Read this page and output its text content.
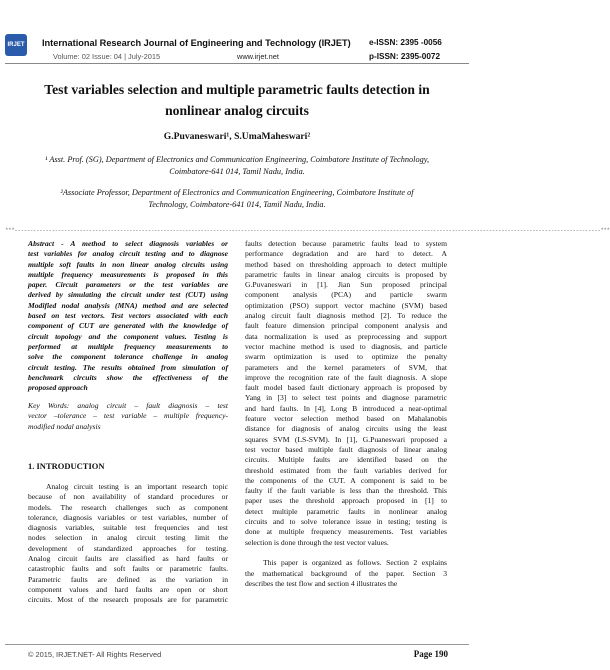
IRJET International Research Journal of Engineering and Technology (IRJET)
Volume: 02 Issue: 04 | July-2015	www.irjet.net
e-ISSN: 2395 -0056
p-ISSN: 2395-0072
Test variables selection and multiple parametric faults detection in
nonlinear analog circuits
G.Puvaneswari¹, S.UmaMaheswari²
¹ Asst. Prof. (SG), Department of Electronics and Communication Engineering, Coimbatore Institute of Technology,
Coimbatore-641 014, Tamil Nadu, India.
²Associate Professor, Department of Electronics and Communication Engineering, Coimbatore Institute of
Technology, Coimbatore-641 014, Tamil Nadu, India.
***---------------------------------------------------------------------------------------------------------------------------------------------------------------------------------------------***
Abstract - A method to select diagnosis variables or
test variables for analog circuit testing and to diagnose
multiple soft faults in non linear analog circuits using
multiple frequency measurements is proposed in this
paper. Circuit parameters or the test variables are
derived by simulating the circuit under test (CUT) using
Modified nodal analysis (MNA) method and are selected
based on test vectors. Test vectors associated with each
component of CUT are generated with the knowledge of
circuit topology and the component values. Testing is
performed at multiple frequency measurements to
solve the component tolerance challenge in analog
circuit testing. The results obtained from simulation of
benchmark circuits show the effectiveness of the
proposed approach
Key Words: analog circuit – fault diagnosis – test
vector –tolerance – test variable – multiple frequency-
modified nodal analysis
1. INTRODUCTION
Analog circuit testing is an important research topic
because of non availability of standard procedures or
models. The research challenges such as component
tolerance, diagnosis variables or test variables, number of
diagnosis variables, suitable test frequencies and test
nodes selection in analog circuit testing limit the
development of standardized approaches for testing.
Analog circuit faults are classified as hard faults or
catastrophic faults and soft faults or parametric faults.
Parametric faults are defined as the variation in
component values and hard faults are open or short
circuits. Most of the research proposals are for parametric
faults detection because parametric faults lead to system
performance degradation and are hard to detect. A
method based on thresholding approach to detect multiple
parametric faults in linear analog circuits is proposed by
G.Puvaneswari in [1]. Jian Sun proposed principal
component analysis (PCA) and particle swarm
optimization (PSO) support vector machine (SVM) based
analog circuit fault diagnosis method [2]. To reduce the
fault feature dimension principal component analysis and
data normalization is used as preprocessing and support
vector machine method is used to diagnosis, and particle
swarm optimization is used to optimize the penalty
parameters and the kernel parameters of SVM, that
improve the recognition rate of the fault diagnosis. A slope
fault model based fault dictionary approach is proposed by
Yang in [3] to select test points and diagnose parametric
and hard faults. In [4], Long B introduced a near-optimal
feature vector selection method based on Mahalanobis
distance for diagnosis of analog circuits using the least
squares SVM (LS-SVM). In [1], G.Puaneswari proposed a
test vector based multiple fault diagnosis of linear analog
circuits. Multiple faults are identified based on the
threshold estimated from the fault variables derived for
the components of the CUT. A component is said to be
faulty if the fault variable is less than the threshold. This
paper uses the threshold approach proposed in [1] to
detect multiple parametric faults in nonlinear analog
circuits and to solve tolerance issue in testing; testing is
done at multiple frequency measurements. Test variables
selection is done through the test vector values.
This paper is organized as follows. Section 2 explains
the mathematical background of the paper. Section 3
describes the test flow and section 4 illustrates the
© 2015, IRJET.NET- All Rights Reserved	Page 190
